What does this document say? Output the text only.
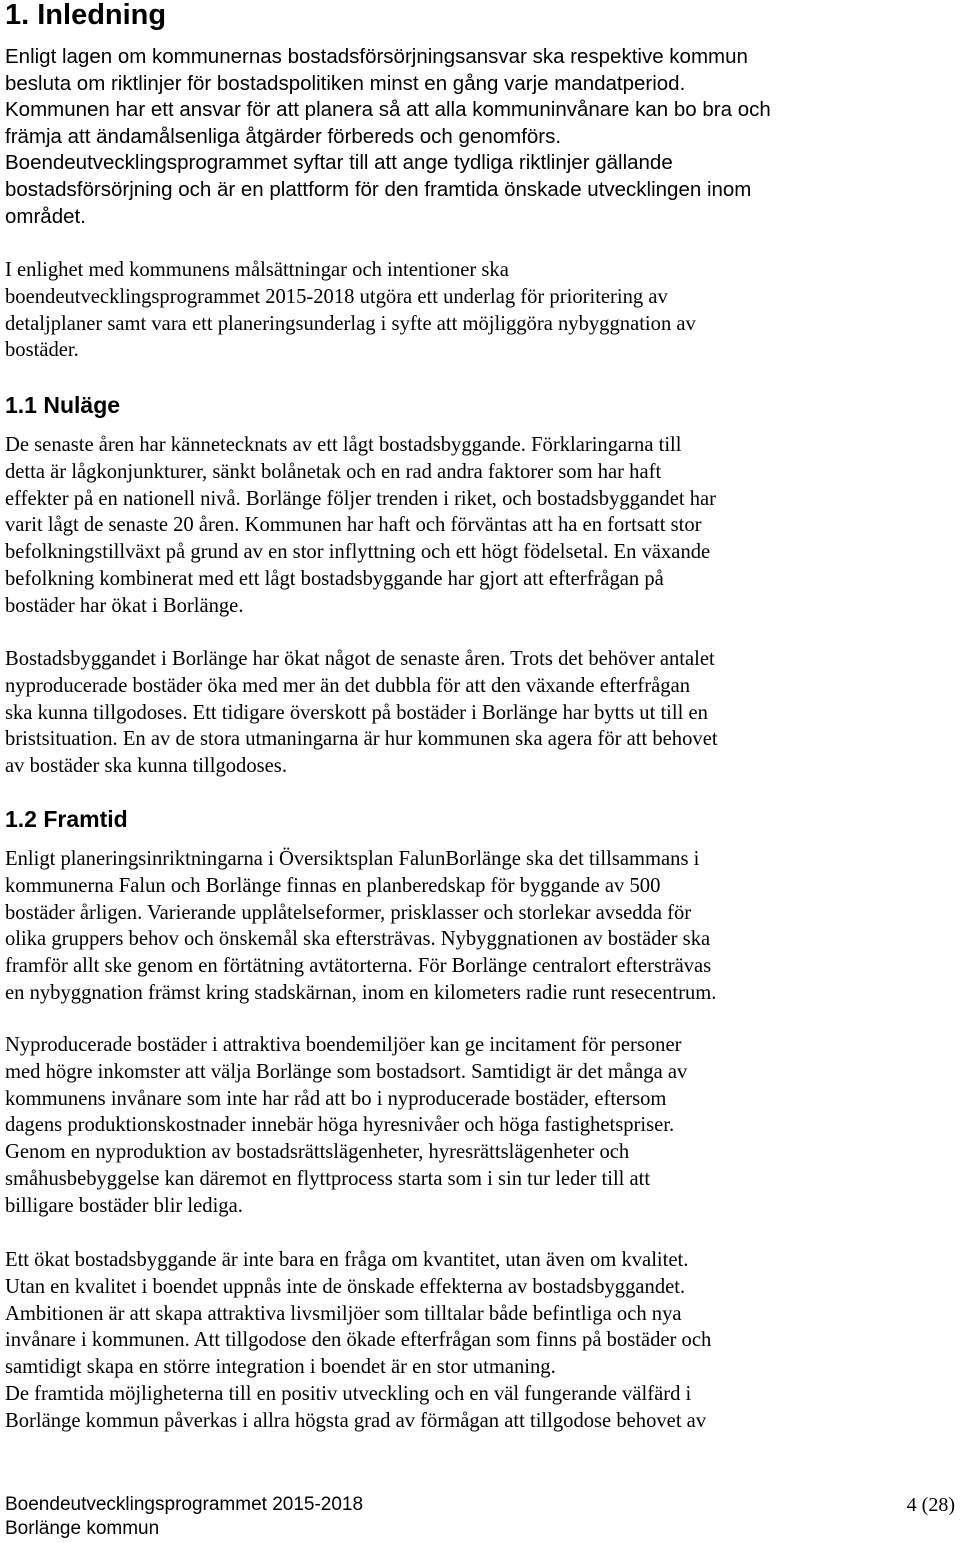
1. Inledning

Enligt lagen om kommunernas bostadsförsörjningsansvar ska respektive kommun
besluta om riktlinjer för bostadspolitiken minst en gång varje mandatperiod.
Kommunen har ett ansvar för att planera så att alla kommuninvånare kan bo bra och
främja att ändamålsenliga åtgärder förbereds och genomförs.
Boendeutvecklingsprogrammet syftar till att ange tydliga riktlinjer gällande
bostadsförsörjning och är en plattform för den framtida önskade utvecklingen inom
området.

I enlighet med kommunens målsättningar och intentioner ska
boendeutvecklingsprogrammet 2015-2018 utgöra ett underlag för prioritering av
detaljplaner samt vara ett planeringsunderlag i syfte att möjliggöra nybyggnation av
bostäder.

1.1 Nuläge

De senaste åren har kännetecknats av ett lågt bostadsbyggande. Förklaringarna till
detta är lågkonjunkturer, sänkt bolånetak och en rad andra faktorer som har haft
effekter på en nationell nivå. Borlänge följer trenden i riket, och bostadsbyggandet har
varit lågt de senaste 20 åren. Kommunen har haft och förväntas att ha en fortsatt stor
befolkningstillväxt på grund av en stor inflyttning och ett högt födelsetal. En växande
befolkning kombinerat med ett lågt bostadsbyggande har gjort att efterfrågan på
bostäder har ökat i Borlänge.

Bostadsbyggandet i Borlänge har ökat något de senaste åren. Trots det behöver antalet
nyproducerade bostäder öka med mer än det dubbla för att den växande efterfrågan
ska kunna tillgodoses. Ett tidigare överskott på bostäder i Borlänge har bytts ut till en
bristsituation. En av de stora utmaningarna är hur kommunen ska agera för att behovet
av bostäder ska kunna tillgodoses.

1.2 Framtid

Enligt planeringsinriktningarna i Översiktsplan FalunBorlänge ska det tillsammans i
kommunerna Falun och Borlänge finnas en planberedskap för byggande av 500
bostäder årligen. Varierande upplåtelseformer, prisklasser och storlekar avsedda för
olika gruppers behov och önskemål ska eftersträvas. Nybyggnationen av bostäder ska
framför allt ske genom en förtätning avtätorterna. För Borlänge centralort eftersträvas
en nybyggnation främst kring stadskärnan, inom en kilometers radie runt resecentrum.

Nyproducerade bostäder i attraktiva boendemiljöer kan ge incitament för personer
med högre inkomster att välja Borlänge som bostadsort. Samtidigt är det många av
kommunens invånare som inte har råd att bo i nyproducerade bostäder, eftersom
dagens produktionskostnader innebär höga hyresnivåer och höga fastighetspriser.
Genom en nyproduktion av bostadsrättslägenheter, hyresrättslägenheter och
småhusbebyggelse kan däremot en flyttprocess starta som i sin tur leder till att
billigare bostäder blir lediga.

Ett ökat bostadsbyggande är inte bara en fråga om kvantitet, utan även om kvalitet.
Utan en kvalitet i boendet uppnås inte de önskade effekterna av bostadsbyggandet.
Ambitionen är att skapa attraktiva livsmiljöer som tilltalar både befintliga och nya
invånare i kommunen. Att tillgodose den ökade efterfrågan som finns på bostäder och
samtidigt skapa en större integration i boendet är en stor utmaning.
De framtida möjligheterna till en positiv utveckling och en väl fungerande välfärd i
Borlänge kommun påverkas i allra högsta grad av förmågan att tillgodose behovet av

Boendeutvecklingsprogrammet 2015-2018
Borlänge kommun
4 (28)
